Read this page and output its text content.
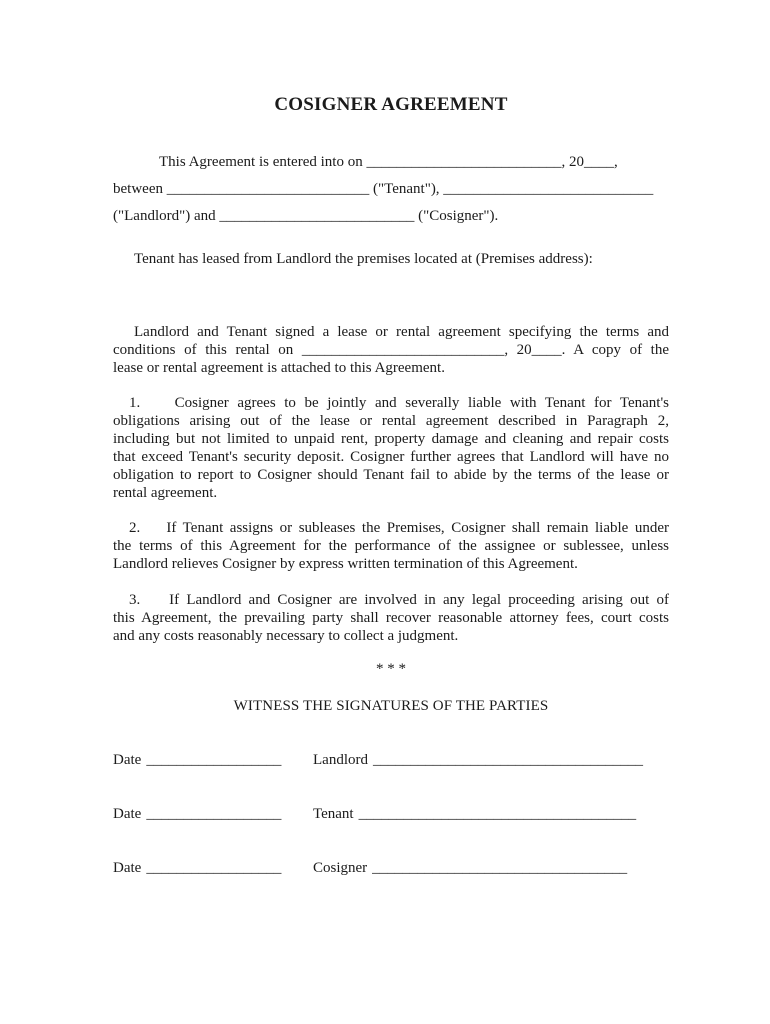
COSIGNER AGREEMENT
This Agreement is entered into on __________________________, 20____,
between ___________________________ ("Tenant"), ____________________________
("Landlord") and __________________________ ("Cosigner").
Tenant has leased from Landlord the premises located at (Premises address):
Landlord and Tenant signed a lease or rental agreement specifying the terms and
conditions of this rental on ___________________________, 20____. A copy of the
lease or rental agreement is attached to this Agreement.
1.    Cosigner agrees to be jointly and severally liable with Tenant for Tenant's
obligations arising out of the lease or rental agreement described in Paragraph 2,
including but not limited to unpaid rent, property damage and cleaning and repair costs
that exceed Tenant's security deposit. Cosigner further agrees that Landlord will have no
obligation to report to Cosigner should Tenant fail to abide by the terms of the lease or
rental agreement.
2.    If Tenant assigns or subleases the Premises, Cosigner shall remain liable under
the terms of this Agreement for the performance of the assignee or sublessee, unless
Landlord relieves Cosigner by express written termination of this Agreement.
3.    If Landlord and Cosigner are involved in any legal proceeding arising out of
this Agreement, the prevailing party shall recover reasonable attorney fees, court costs
and any costs reasonably necessary to collect a judgment.
* * *
WITNESS THE SIGNATURES OF THE PARTIES
Date __________________	Landlord ____________________________________
Date __________________	Tenant _____________________________________
Date __________________	Cosigner __________________________________
